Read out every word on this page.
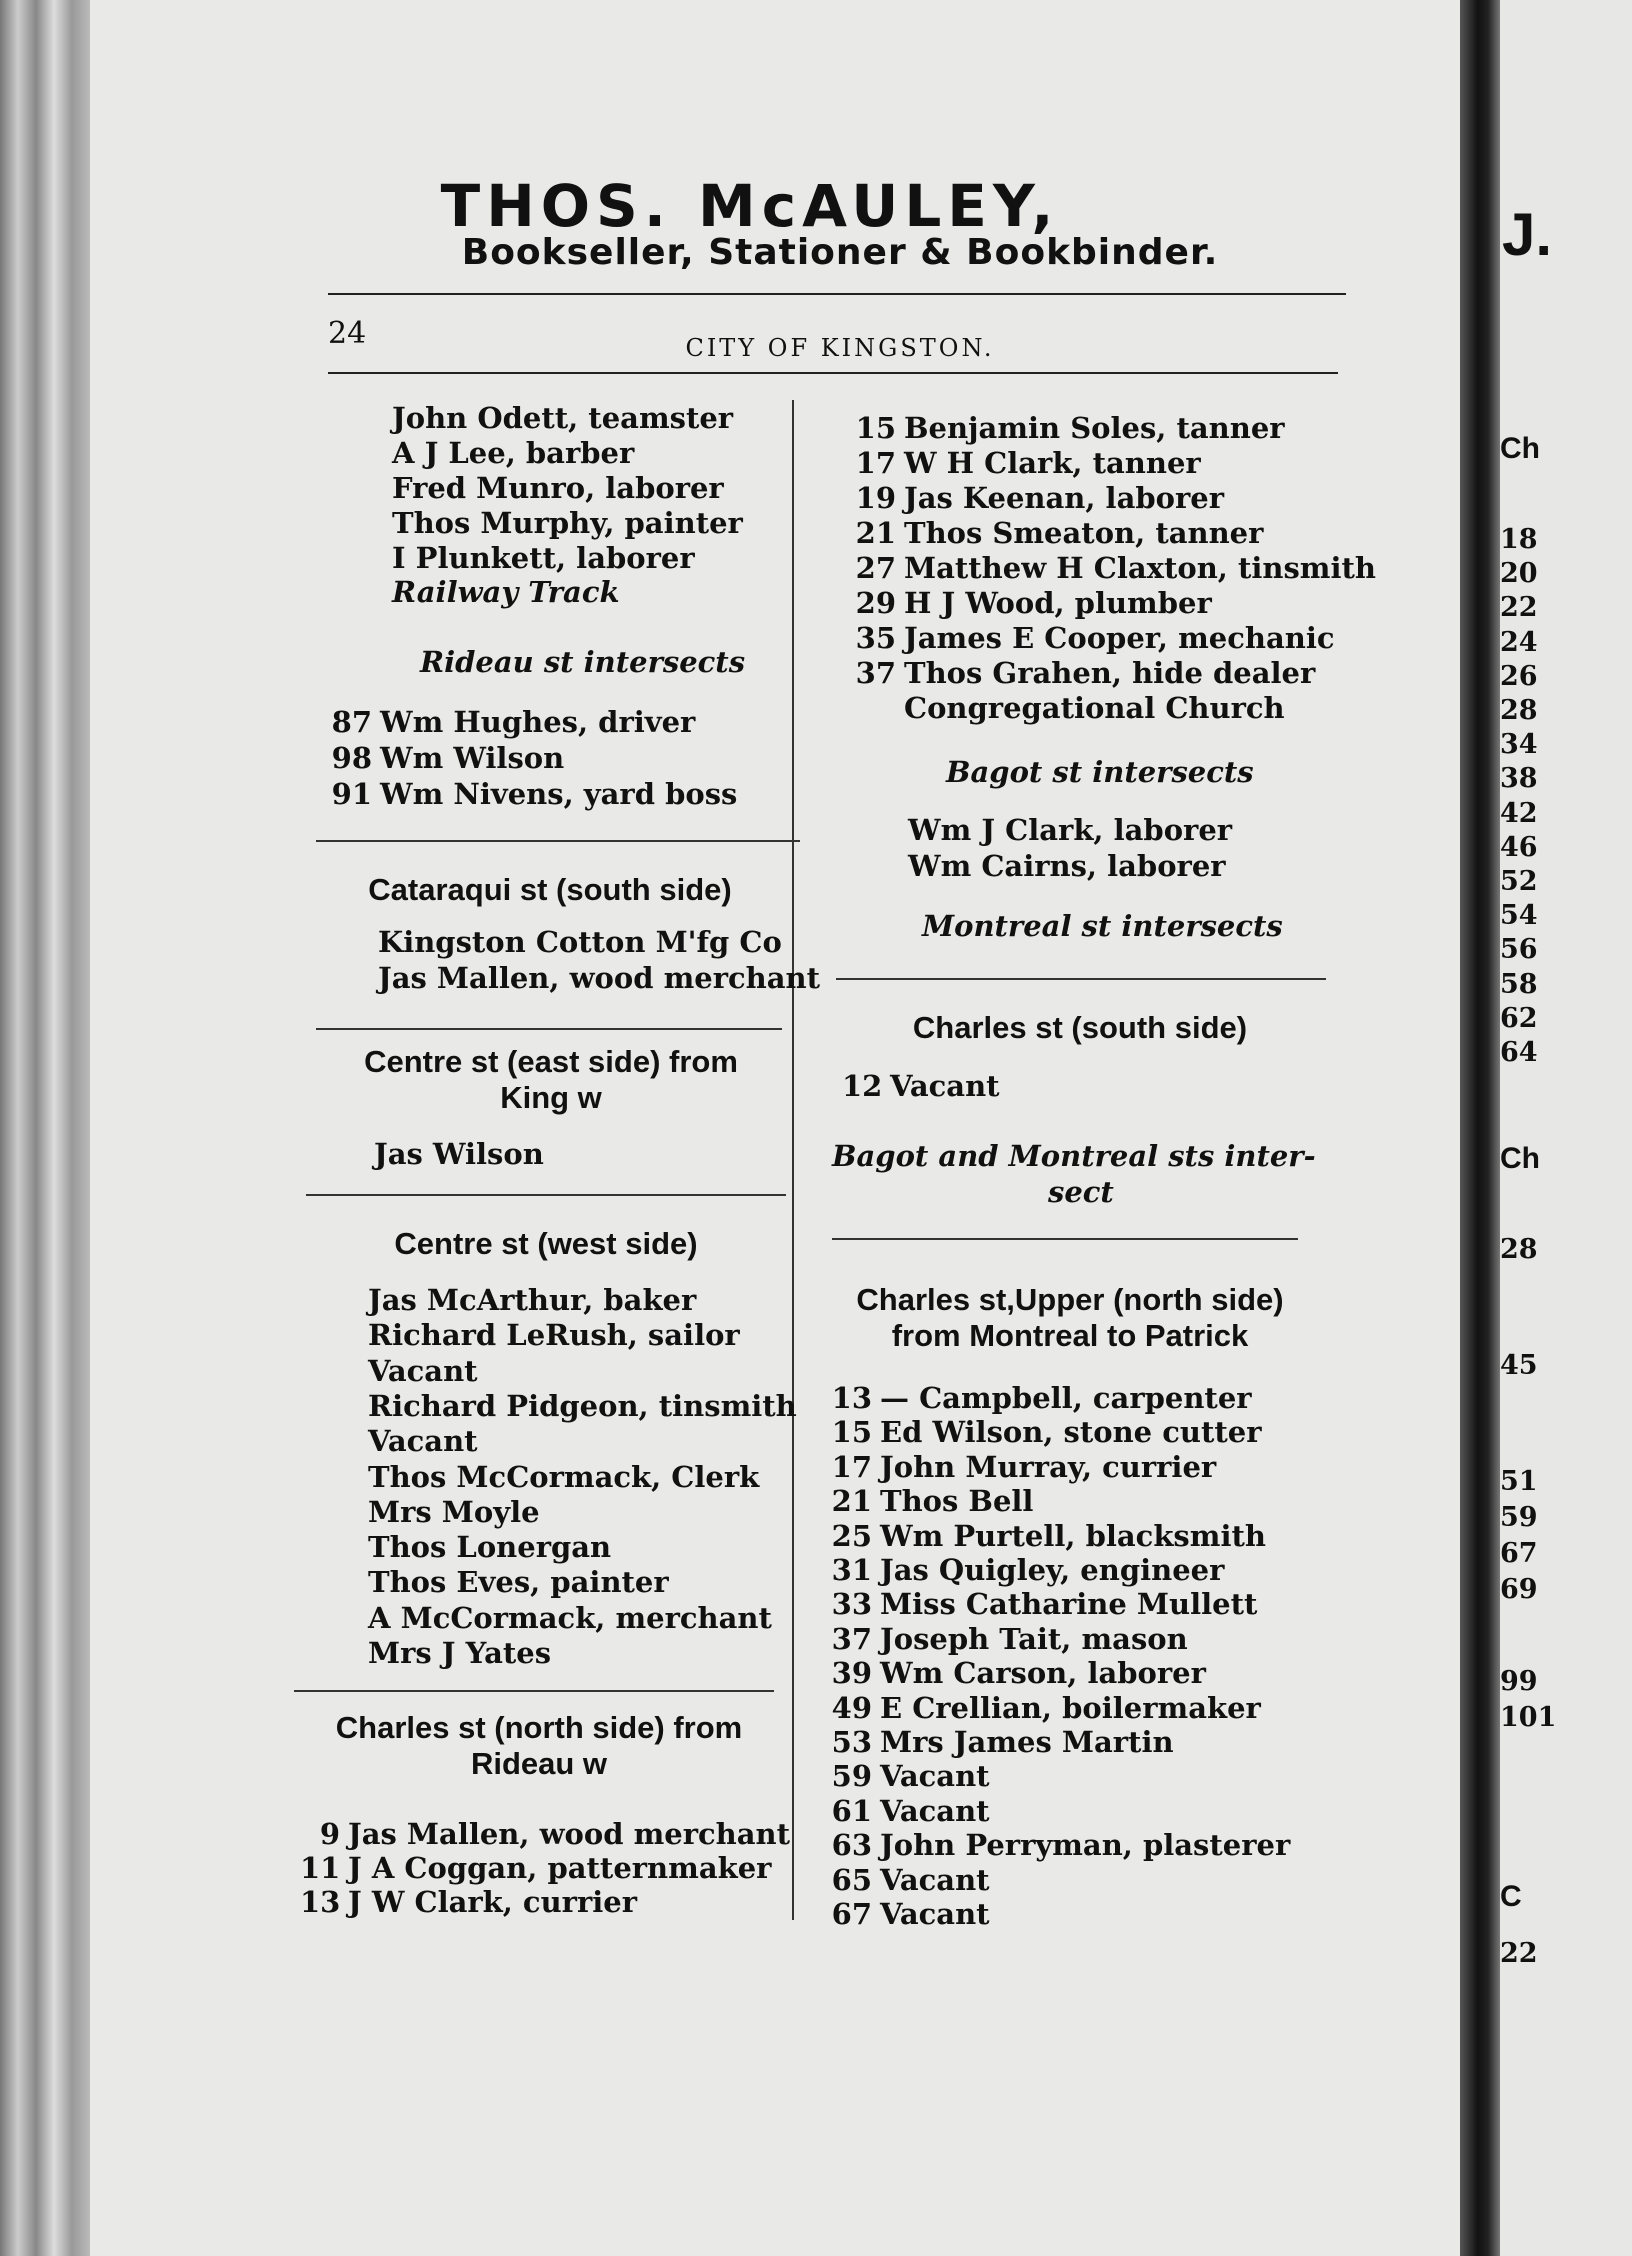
J.
Ch
18
20
22
24
26
28
34
38
42
46
52
54
56
58
62
64
Ch
28
45
51
59
67
69
99
101
C
22
THOS. McAULEY,
Bookseller, Stationer & Bookbinder.
24	CITY OF KINGSTON.
John Odett, teamster
A J Lee, barber
Fred Munro, laborer
Thos Murphy, painter
I Plunkett, laborer
Railway Track
Rideau st intersects
87 Wm Hughes, driver
98 Wm Wilson
91 Wm Nivens, yard boss
Cataraqui st (south side)
Kingston Cotton M'fg Co
Jas Mallen, wood merchant
Centre st (east side) from
King w
Jas Wilson
Centre st (west side)
Jas McArthur, baker
Richard LeRush, sailor
Vacant
Richard Pidgeon, tinsmith
Vacant
Thos McCormack, Clerk
Mrs Moyle
Thos Lonergan
Thos Eves, painter
A McCormack, merchant
Mrs J Yates
Charles st (north side) from
Rideau w
9 Jas Mallen, wood merchant
11 J A Coggan, patternmaker
13 J W Clark, currier
15 Benjamin Soles, tanner
17 W H Clark, tanner
19 Jas Keenan, laborer
21 Thos Smeaton, tanner
27 Matthew H Claxton, tinsmith
29 H J Wood, plumber
35 James E Cooper, mechanic
37 Thos Grahen, hide dealer
Congregational Church
Bagot st intersects
Wm J Clark, laborer
Wm Cairns, laborer
Montreal st intersects
Charles st (south side)
12 Vacant
Bagot and Montreal sts inter-
sect
Charles st,Upper (north side)
from Montreal to Patrick
13 — Campbell, carpenter
15 Ed Wilson, stone cutter
17 John Murray, currier
21 Thos Bell
25 Wm Purtell, blacksmith
31 Jas Quigley, engineer
33 Miss Catharine Mullett
37 Joseph Tait, mason
39 Wm Carson, laborer
49 E Crellian, boilermaker
53 Mrs James Martin
59 Vacant
61 Vacant
63 John Perryman, plasterer
65 Vacant
67 Vacant
